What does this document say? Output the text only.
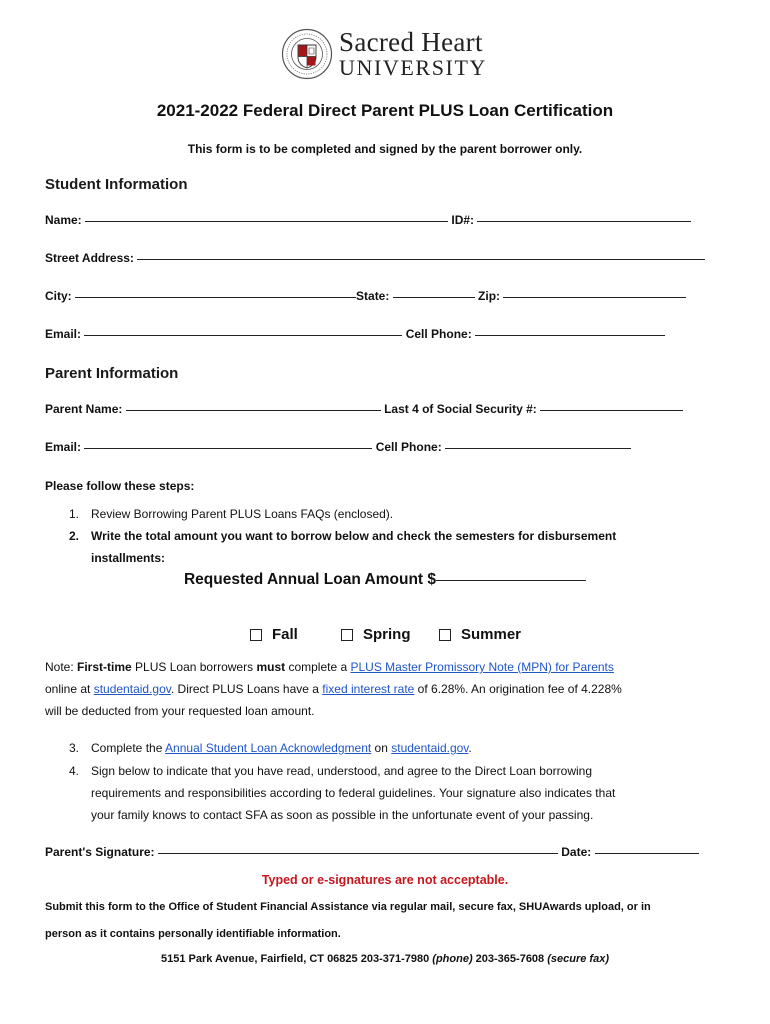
Sacred Heart
UNIVERSITY
2021-2022 Federal Direct Parent PLUS Loan Certification
This form is to be completed and signed by the parent borrower only.
Student Information
Name:	ID#:
Street Address:
City:	State:	Zip:
Email:	Cell Phone:
Parent Information
Parent Name:	Last 4 of Social Security #:
Email:	Cell Phone:
Please follow these steps:
1. Review Borrowing Parent PLUS Loans FAQs (enclosed).
2. Write the total amount you want to borrow below and check the semesters for disbursement
installments:
Requested Annual Loan Amount $
Fall	Spring	Summer
Note: First-time PLUS Loan borrowers must complete a PLUS Master Promissory Note (MPN) for Parents
online at studentaid.gov. Direct PLUS Loans have a fixed interest rate of 6.28%. An origination fee of 4.228%
will be deducted from your requested loan amount.
3. Complete the Annual Student Loan Acknowledgment on studentaid.gov.
4. Sign below to indicate that you have read, understood, and agree to the Direct Loan borrowing
requirements and responsibilities according to federal guidelines. Your signature also indicates that
your family knows to contact SFA as soon as possible in the unfortunate event of your passing.
Parent's Signature:	Date:
Typed or e-signatures are not acceptable.
Submit this form to the Office of Student Financial Assistance via regular mail, secure fax, SHUAwards upload, or in
person as it contains personally identifiable information.
5151 Park Avenue, Fairfield, CT 06825 203-371-7980 (phone) 203-365-7608 (secure fax)
